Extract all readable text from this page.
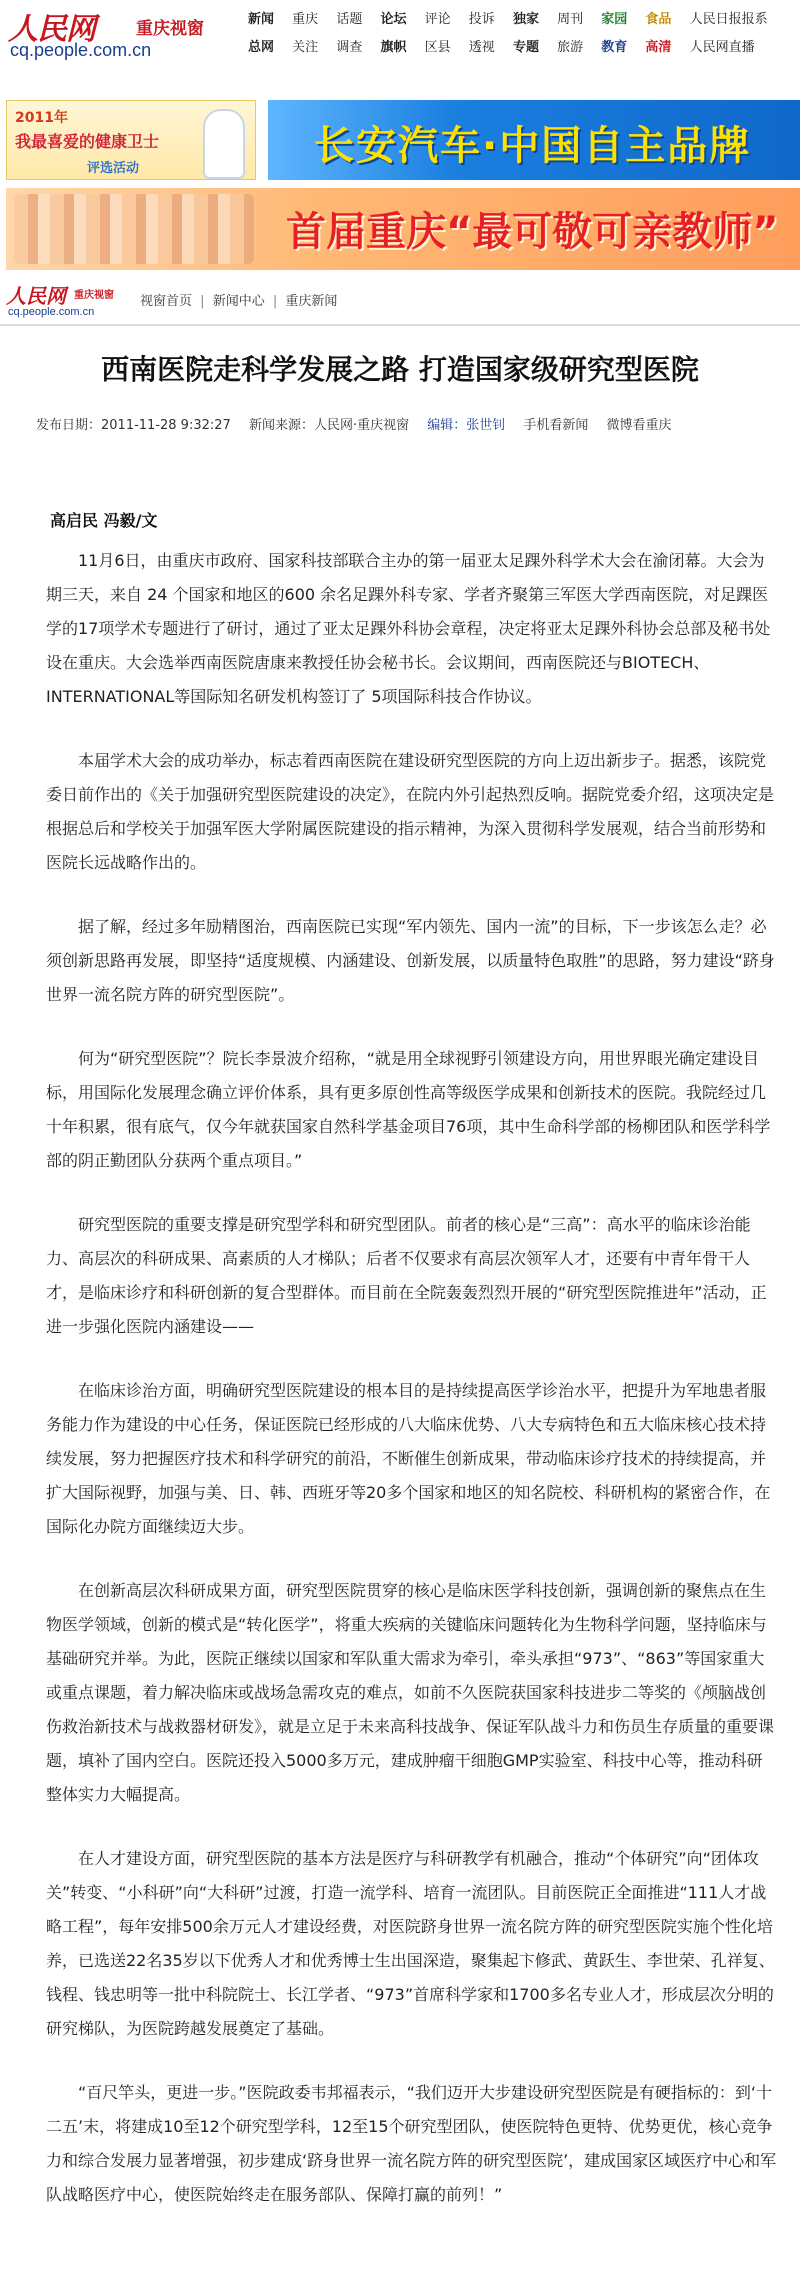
人民网 重庆视窗
cq.people.com.cn
新闻 重庆 话题 论坛 评论 投诉 独家 周刊 家园 食品 人民日报报系
总网 关注 调查 旗帜 区县 透视 专题 旅游 教育 高清 人民网直播
2011年
我最喜爱的健康卫士
评选活动	长安汽车·中国自主品牌
首届重庆“最可敬可亲教师”
人民网 重庆视窗
cq.people.com.cn
视窗首页 | 新闻中心 | 重庆新闻
西南医院走科学发展之路 打造国家级研究型医院
发布日期：2011-11-28 9:32:27 新闻来源：人民网·重庆视窗 编辑：张世钊 手机看新闻 微博看重庆
高启民 冯毅/文

11月6日，由重庆市政府、国家科技部联合主办的第一届亚太足踝外科学术大会在渝闭幕。大会为期三天，来自 24 个国家和地区的600 余名足踝外科专家、学者齐聚第三军医大学西南医院，对足踝医学的17项学术专题进行了研讨，通过了亚太足踝外科协会章程，决定将亚太足踝外科协会总部及秘书处设在重庆。大会选举西南医院唐康来教授任协会秘书长。会议期间，西南医院还与BIOTECH、INTERNATIONAL等国际知名研发机构签订了 5项国际科技合作协议。

本届学术大会的成功举办，标志着西南医院在建设研究型医院的方向上迈出新步子。据悉，该院党委日前作出的《关于加强研究型医院建设的决定》，在院内外引起热烈反响。据院党委介绍，这项决定是根据总后和学校关于加强军医大学附属医院建设的指示精神，为深入贯彻科学发展观，结合当前形势和医院长远战略作出的。

据了解，经过多年励精图治，西南医院已实现“军内领先、国内一流”的目标，下一步该怎么走？必须创新思路再发展，即坚持“适度规模、内涵建设、创新发展，以质量特色取胜”的思路，努力建设“跻身世界一流名院方阵的研究型医院”。

何为“研究型医院”？院长李景波介绍称，“就是用全球视野引领建设方向，用世界眼光确定建设目标，用国际化发展理念确立评价体系，具有更多原创性高等级医学成果和创新技术的医院。我院经过几十年积累，很有底气，仅今年就获国家自然科学基金项目76项，其中生命科学部的杨柳团队和医学科学部的阴正勤团队分获两个重点项目。”

研究型医院的重要支撑是研究型学科和研究型团队。前者的核心是“三高”：高水平的临床诊治能力、高层次的科研成果、高素质的人才梯队；后者不仅要求有高层次领军人才，还要有中青年骨干人才，是临床诊疗和科研创新的复合型群体。而目前在全院轰轰烈烈开展的“研究型医院推进年”活动，正进一步强化医院内涵建设——

在临床诊治方面，明确研究型医院建设的根本目的是持续提高医学诊治水平，把提升为军地患者服务能力作为建设的中心任务，保证医院已经形成的八大临床优势、八大专病特色和五大临床核心技术持续发展，努力把握医疗技术和科学研究的前沿，不断催生创新成果，带动临床诊疗技术的持续提高，并扩大国际视野，加强与美、日、韩、西班牙等20多个国家和地区的知名院校、科研机构的紧密合作，在国际化办院方面继续迈大步。

在创新高层次科研成果方面，研究型医院贯穿的核心是临床医学科技创新，强调创新的聚焦点在生物医学领域，创新的模式是“转化医学”，将重大疾病的关键临床问题转化为生物科学问题，坚持临床与基础研究并举。为此，医院正继续以国家和军队重大需求为牵引，牵头承担“973”、“863”等国家重大或重点课题，着力解决临床或战场急需攻克的难点，如前不久医院获国家科技进步二等奖的《颅脑战创伤救治新技术与战救器材研发》，就是立足于未来高科技战争、保证军队战斗力和伤员生存质量的重要课题，填补了国内空白。医院还投入5000多万元，建成肿瘤干细胞GMP实验室、科技中心等，推动科研整体实力大幅提高。

在人才建设方面，研究型医院的基本方法是医疗与科研教学有机融合，推动“个体研究”向“团体攻关”转变、“小科研”向“大科研”过渡，打造一流学科、培育一流团队。目前医院正全面推进“111人才战略工程”，每年安排500余万元人才建设经费，对医院跻身世界一流名院方阵的研究型医院实施个性化培养，已选送22名35岁以下优秀人才和优秀博士生出国深造，聚集起卞修武、黄跃生、李世荣、孔祥复、钱程、钱忠明等一批中科院院士、长江学者、“973”首席科学家和1700多名专业人才，形成层次分明的研究梯队，为医院跨越发展奠定了基础。

“百尺竿头，更进一步。”医院政委韦邦福表示，“我们迈开大步建设研究型医院是有硬指标的：到‘十二五’末，将建成10至12个研究型学科，12至15个研究型团队，使医院特色更特、优势更优，核心竞争力和综合发展力显著增强，初步建成‘跻身世界一流名院方阵的研究型医院’，建成国家区域医疗中心和军队战略医疗中心，使医院始终走在服务部队、保障打赢的前列！”
